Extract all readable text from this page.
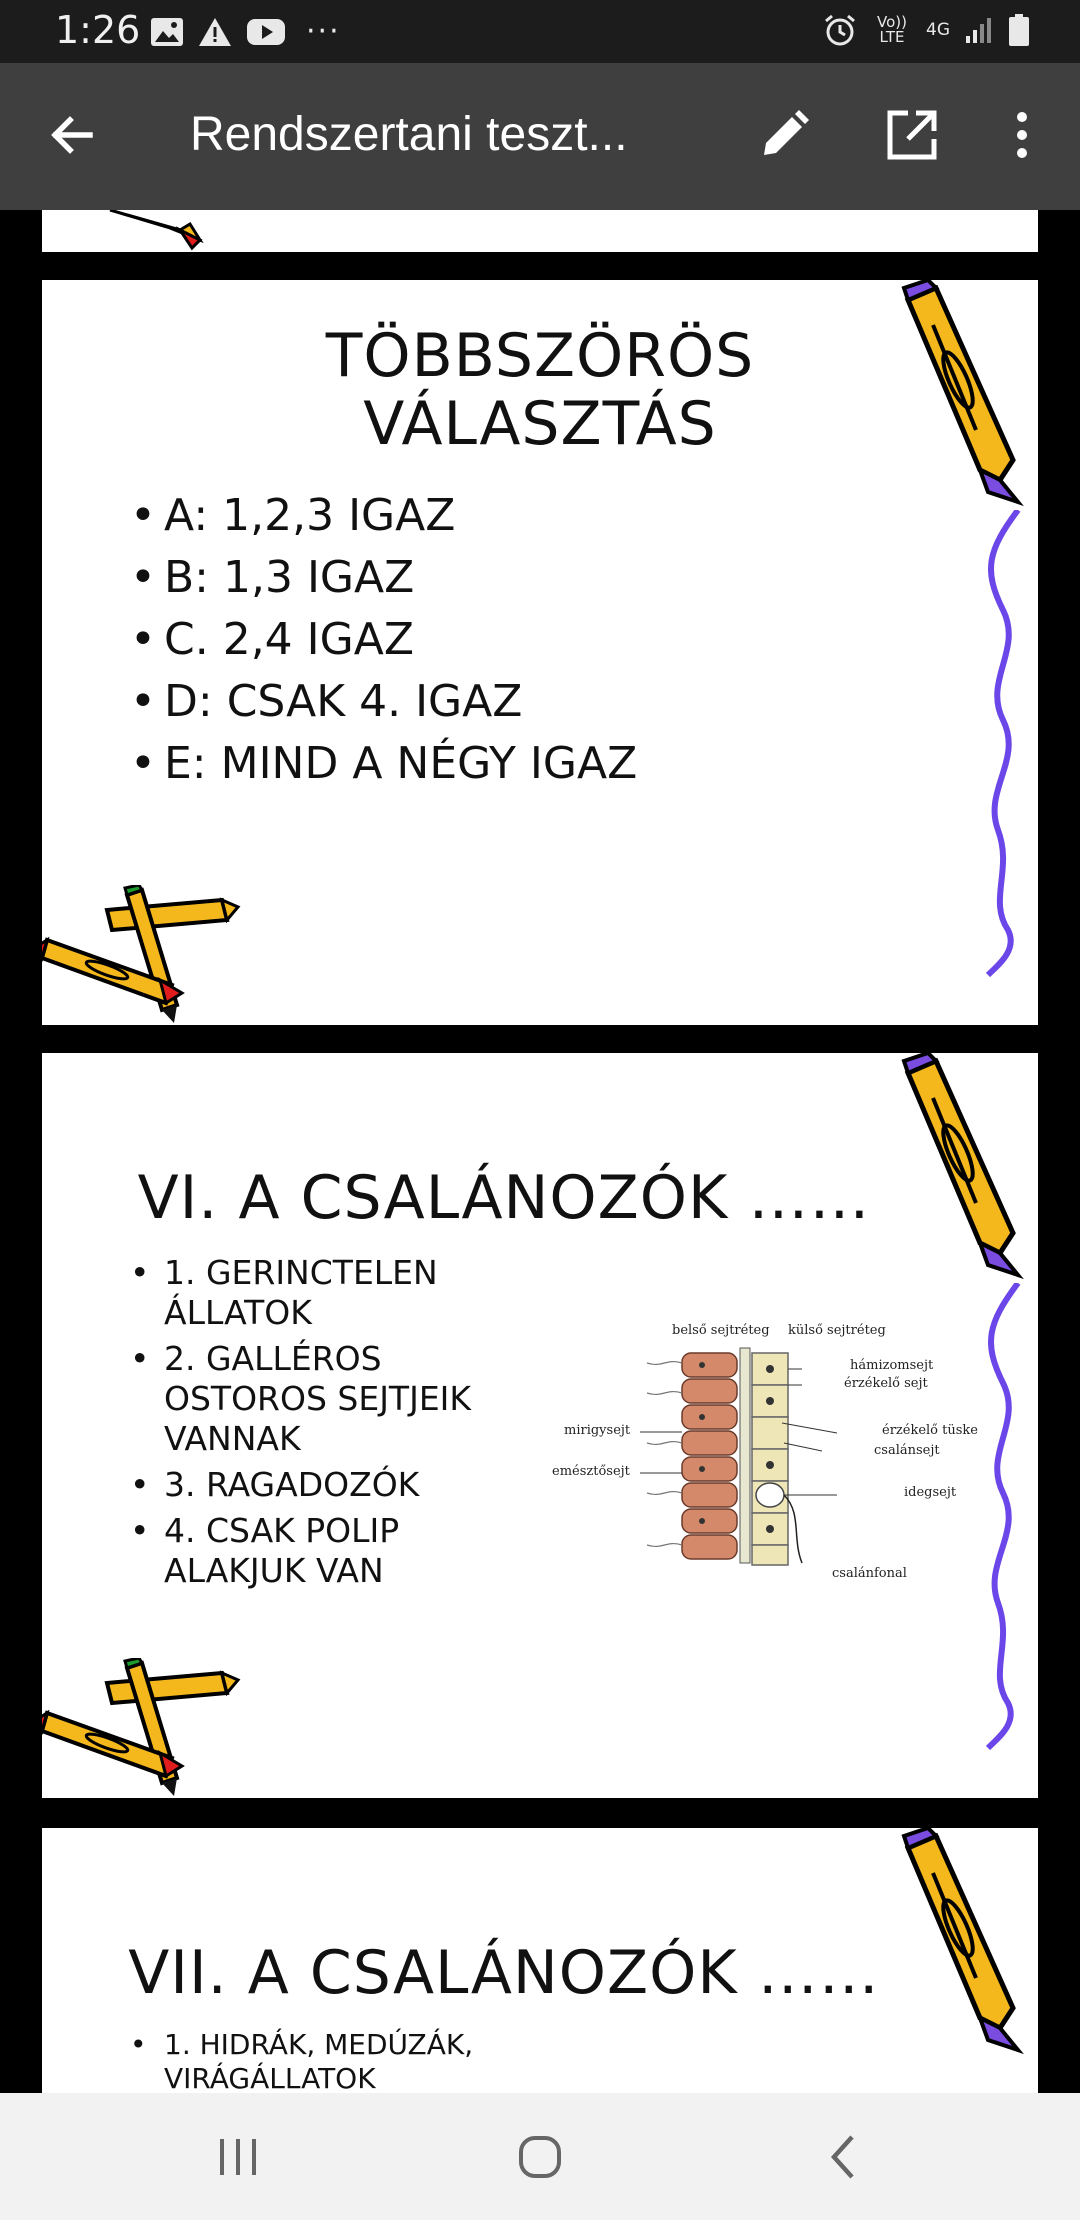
1:26	···	Vo)) LTE	4G
Rendszertani teszt...
TÖBBSZÖRÖS
VÁLASZTÁS
• A: 1,2,3 IGAZ
• B: 1,3 IGAZ
• C. 2,4 IGAZ
• D: CSAK 4. IGAZ
• E: MIND A NÉGY IGAZ
VI. A CSALÁNOZÓK ……
• 1. GERINCTELEN ÁLLATOK
• 2. GALLÉROS OSTOROS SEJTJEIK VANNAK
• 3. RAGADOZÓK
• 4. CSAK POLIP ALAKJUK VAN
belső sejtréteg külső sejtréteg
hámizomsejt
érzékelő sejt
érzékelő tüske
csalánsejt
mirigysejt
emésztősejt
idegsejt
csalánfonal
VII. A CSALÁNOZÓK ……
• 1. HIDRÁK, MEDÚZÁK, VIRÁGÁLLATOK
